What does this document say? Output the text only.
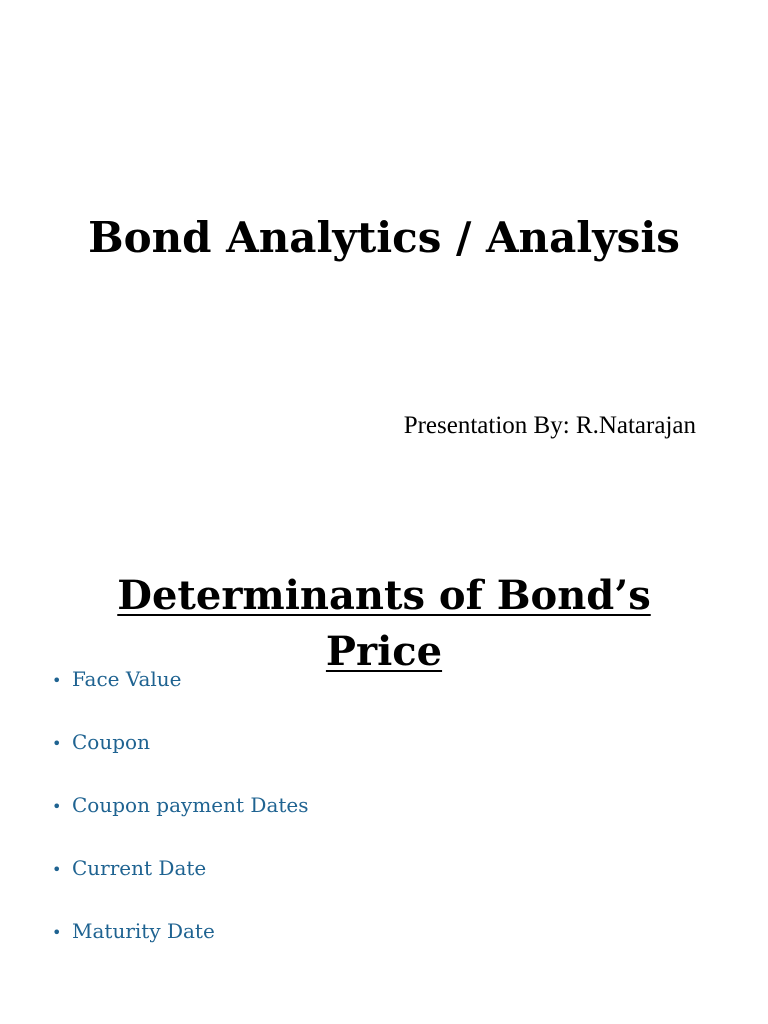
Bond Analytics / Analysis
Presentation By: R.Natarajan
Determinants of Bond’s Price
• Face Value
• Coupon
• Coupon payment Dates
• Current Date
• Maturity Date
